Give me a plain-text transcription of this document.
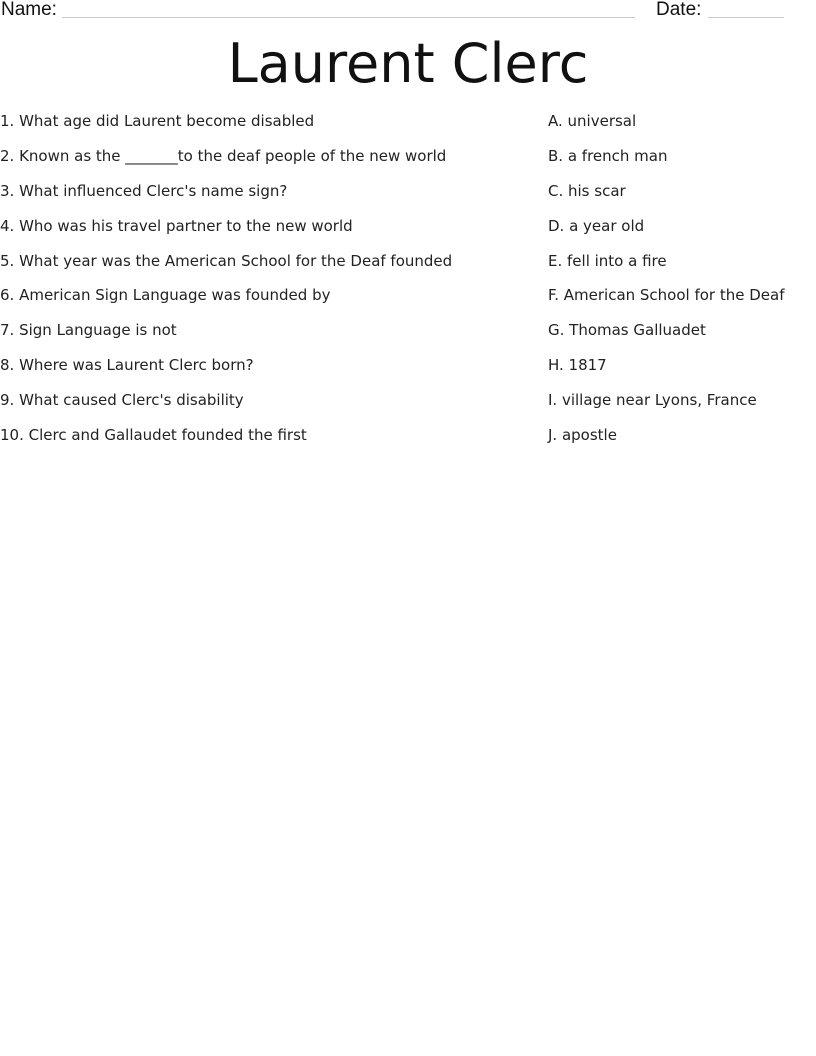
Name:	Date:
Laurent Clerc
1. What age did Laurent become disabled
2. Known as the _______to the deaf people of the new world
3. What influenced Clerc's name sign?
4. Who was his travel partner to the new world
5. What year was the American School for the Deaf founded
6. American Sign Language was founded by
7. Sign Language is not
8. Where was Laurent Clerc born?
9. What caused Clerc's disability
10. Clerc and Gallaudet founded the first
A. universal
B. a french man
C. his scar
D. a year old
E. fell into a fire
F. American School for the Deaf
G. Thomas Galluadet
H. 1817
I. village near Lyons, France
J. apostle
